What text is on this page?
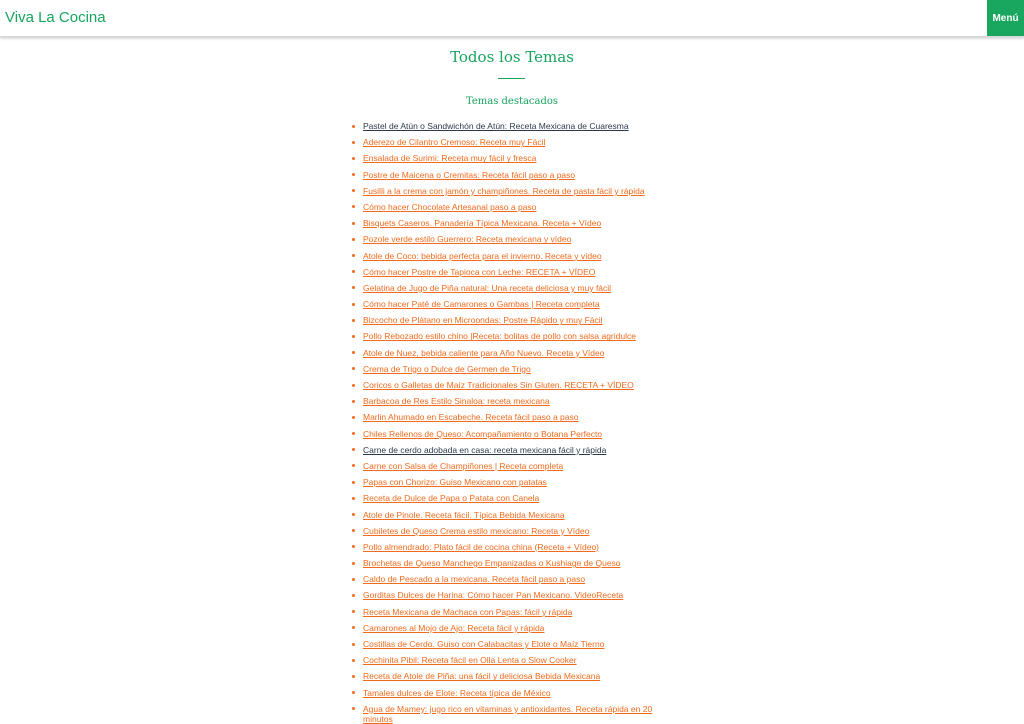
Viva La Cocina	Menú
Todos los Temas
Temas destacados
Pastel de Atún o Sandwichón de Atún: Receta Mexicana de Cuaresma
Aderezo de Cilantro Cremoso: Receta muy Fácil
Ensalada de Surimi: Receta muy fácil y fresca
Postre de Maicena o Cremitas: Receta fácil paso a paso
Fusilli a la crema con jamón y champiñones. Receta de pasta fácil y rápida
Cómo hacer Chocolate Artesanal paso a paso
Bisquets Caseros. Panadería Típica Mexicana. Receta + Vídeo
Pozole verde estilo Guerrero: Receta mexicana y vídeo
Atole de Coco: bebida perfecta para el invierno. Receta y vídeo
Cómo hacer Postre de Tapioca con Leche: RECETA + VÍDEO
Gelatina de Jugo de Piña natural: Una receta deliciosa y muy fácil
Cómo hacer Paté de Camarones o Gambas | Receta completa
Bizcocho de Plátano en Microondas: Postre Rápido y muy Fácil
Pollo Rebozado estilo chino |Receta: bolitas de pollo con salsa agridulce
Atole de Nuez, bebida caliente para Año Nuevo. Receta y Vídeo
Crema de Trigo o Dulce de Germen de Trigo
Coricos o Galletas de Maíz Tradicionales Sin Gluten. RECETA + VÍDEO
Barbacoa de Res Estilo Sinaloa: receta mexicana
Marlin Ahumado en Escabeche. Receta fácil paso a paso
Chiles Rellenos de Queso: Acompañamiento o Botana Perfecto
Carne de cerdo adobada en casa: receta mexicana fácil y rápida
Carne con Salsa de Champiñones | Receta completa
Papas con Chorizo: Guiso Mexicano con patatas
Receta de Dulce de Papa o Patata con Canela
Atole de Pinole. Receta fácil. Típica Bebida Mexicana
Cubiletes de Queso Crema estilo mexicano: Receta y Vídeo
Pollo almendrado: Plato fácil de cocina china (Receta + Vídeo)
Brochetas de Queso Manchego Empanizadas o Kushiage de Queso
Caldo de Pescado a la mexicana. Receta fácil paso a paso
Gorditas Dulces de Harina: Cómo hacer Pan Mexicano. VideoReceta
Receta Mexicana de Machaca con Papas: fácil y rápida
Camarones al Mojo de Ajo: Receta fácil y rápida
Costillas de Cerdo. Guiso con Calabacitas y Elote o Maíz Tierno
Cochinita Pibil: Receta fácil en Olla Lenta o Slow Cooker
Receta de Atole de Piña: una fácil y deliciosa Bebida Mexicana
Tamales dulces de Elote: Receta típica de México
Agua de Mamey: jugo rico en vitaminas y antioxidantes. Receta rápida en 20 minutos
